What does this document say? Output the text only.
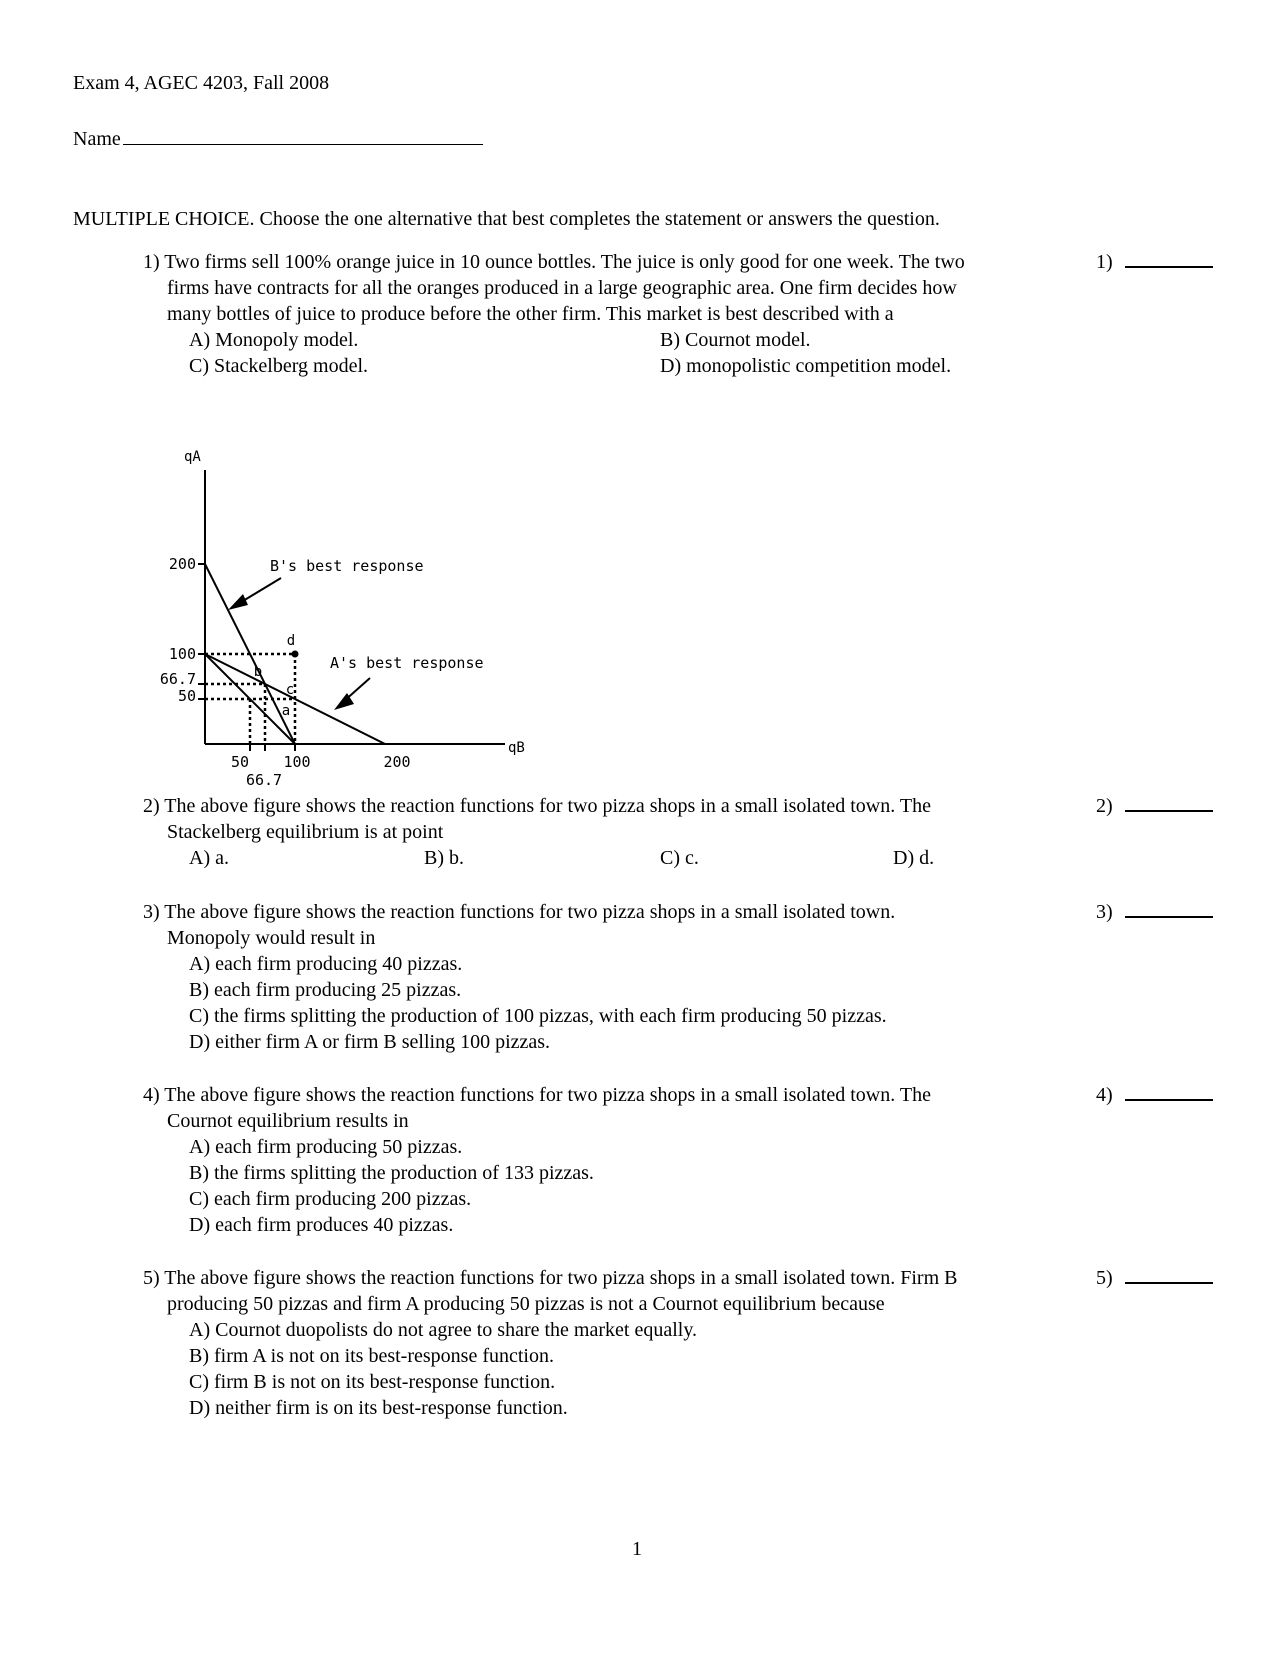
Exam 4, AGEC 4203, Fall 2008
Name
MULTIPLE CHOICE. Choose the one alternative that best completes the statement or answers the question.
1) Two firms sell 100% orange juice in 10 ounce bottles. The juice is only good for one week. The two
firms have contracts for all the oranges produced in a large geographic area. One firm decides how
many bottles of juice to produce before the other firm. This market is best described with a
A) Monopoly model.	B) Cournot model.
C) Stackelberg model.	D) monopolistic competition model.
1)
qA
qB
200
100
66.7
50
50
66.7
100	200
a
b
c
d
B's best response
A's best response
2) The above figure shows the reaction functions for two pizza shops in a small isolated town. The
Stackelberg equilibrium is at point
A) a.	B) b.	C) c.	D) d.
2)
3) The above figure shows the reaction functions for two pizza shops in a small isolated town.
Monopoly would result in
A) each firm producing 40 pizzas.
B) each firm producing 25 pizzas.
C) the firms splitting the production of 100 pizzas, with each firm producing 50 pizzas.
D) either firm A or firm B selling 100 pizzas.
3)
4) The above figure shows the reaction functions for two pizza shops in a small isolated town. The
Cournot equilibrium results in
A) each firm producing 50 pizzas.
B) the firms splitting the production of 133 pizzas.
C) each firm producing 200 pizzas.
D) each firm produces 40 pizzas.
4)
5) The above figure shows the reaction functions for two pizza shops in a small isolated town. Firm B
producing 50 pizzas and firm A producing 50 pizzas is not a Cournot equilibrium because
A) Cournot duopolists do not agree to share the market equally.
B) firm A is not on its best-response function.
C) firm B is not on its best-response function.
D) neither firm is on its best-response function.
5)
1
